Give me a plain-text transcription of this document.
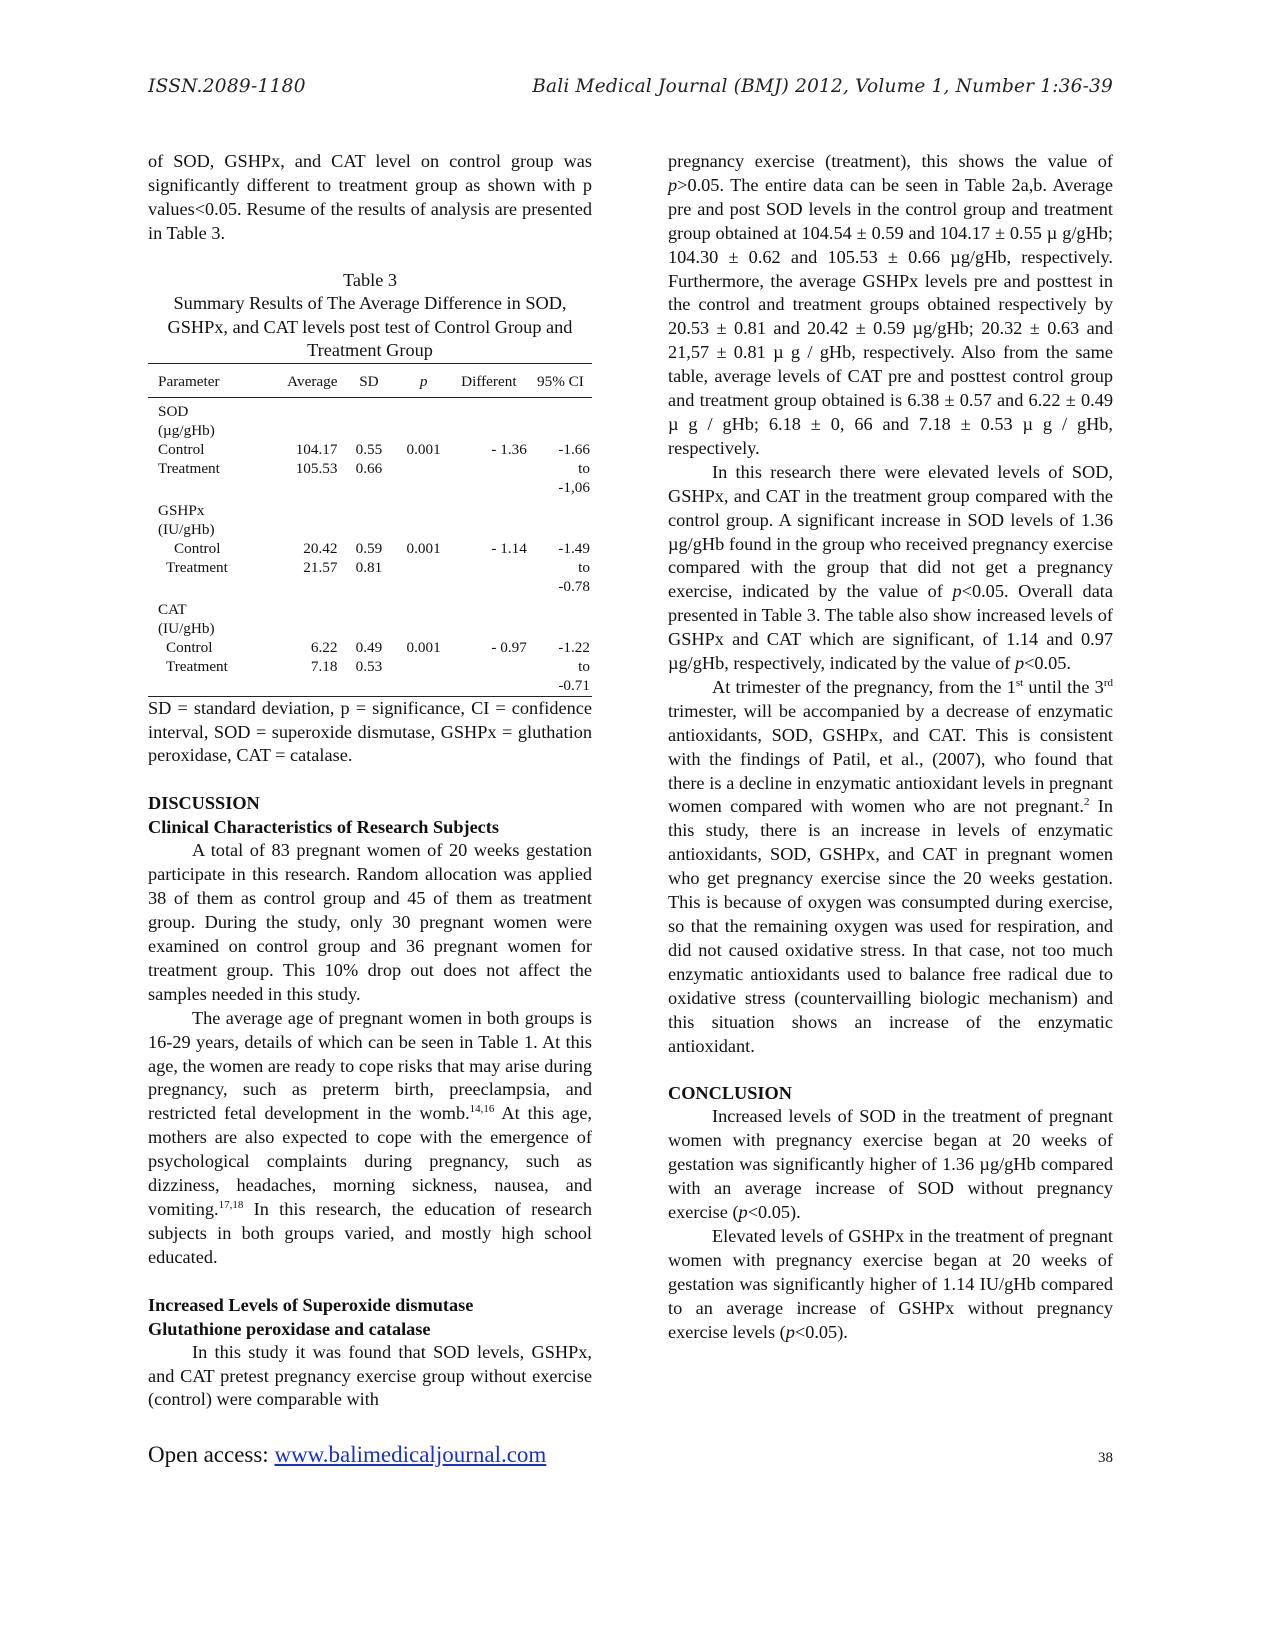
ISSN.2089-1180	Bali Medical Journal (BMJ) 2012, Volume 1, Number 1:36-39

of SOD, GSHPx, and CAT level on control group was significantly different to treatment group as shown with p values<0.05. Resume of the results of analysis are presented in Table 3.

Table 3

Summary Results of The Average Difference in SOD, GSHPx, and CAT levels post test of Control Group and Treatment Group

Parameter	Average	SD	p	Different	95% CI
SOD					
(µg/gHb)					
Control	104.17	0.55	0.001	- 1.36	-1.66
Treatment	105.53	0.66			to
					-1,06
GSHPx					
(IU/gHb)					
Control	20.42	0.59	0.001	- 1.14	-1.49
Treatment	21.57	0.81			to
					-0.78
CAT					
(IU/gHb)					
Control	6.22	0.49	0.001	- 0.97	-1.22
Treatment	7.18	0.53			to
					-0.71

SD = standard deviation, p = significance, CI = confidence interval, SOD = superoxide dismutase, GSHPx = gluthation peroxidase, CAT = catalase.

DISCUSSION
Clinical Characteristics of Research Subjects

A total of 83 pregnant women of 20 weeks gestation participate in this research. Random allocation was applied 38 of them as control group and 45 of them as treatment group. During the study, only 30 pregnant women were examined on control group and 36 pregnant women for treatment group. This 10% drop out does not affect the samples needed in this study.

The average age of pregnant women in both groups is 16-29 years, details of which can be seen in Table 1. At this age, the women are ready to cope risks that may arise during pregnancy, such as preterm birth, preeclampsia, and restricted fetal development in the womb.$^{14,16}$ At this age, mothers are also expected to cope with the emergence of psychological complaints during pregnancy, such as dizziness, headaches, morning sickness, nausea, and vomiting.$^{17,18}$ In this research, the education of research subjects in both groups varied, and mostly high school educated.

Increased Levels of Superoxide dismutase
Glutathione peroxidase and catalase

In this study it was found that SOD levels, GSHPx, and CAT pretest pregnancy exercise group without exercise (control) were comparable with

pregnancy exercise (treatment), this shows the value of p>0.05. The entire data can be seen in Table 2a,b. Average pre and post SOD levels in the control group and treatment group obtained at 104.54 ± 0.59 and 104.17 ± 0.55 µ g/gHb; 104.30 ± 0.62 and 105.53 ± 0.66 µg/gHb, respectively. Furthermore, the average GSHPx levels pre and posttest in the control and treatment groups obtained respectively by 20.53 ± 0.81 and 20.42 ± 0.59 µg/gHb; 20.32 ± 0.63 and 21,57 ± 0.81 µ g / gHb, respectively. Also from the same table, average levels of CAT pre and posttest control group and treatment group obtained is 6.38 ± 0.57 and 6.22 ± 0.49 µ g / gHb; 6.18 ± 0, 66 and 7.18 ± 0.53 µ g / gHb, respectively.

In this research there were elevated levels of SOD, GSHPx, and CAT in the treatment group compared with the control group. A significant increase in SOD levels of 1.36 µg/gHb found in the group who received pregnancy exercise compared with the group that did not get a pregnancy exercise, indicated by the value of p<0.05. Overall data presented in Table 3. The table also show increased levels of GSHPx and CAT which are significant, of 1.14 and 0.97 µg/gHb, respectively, indicated by the value of p<0.05.

At trimester of the pregnancy, from the 1st until the 3rd trimester, will be accompanied by a decrease of enzymatic antioxidants, SOD, GSHPx, and CAT. This is consistent with the findings of Patil, et al., (2007), who found that there is a decline in enzymatic antioxidant levels in pregnant women compared with women who are not pregnant.$^2$ In this study, there is an increase in levels of enzymatic antioxidants, SOD, GSHPx, and CAT in pregnant women who get pregnancy exercise since the 20 weeks gestation. This is because of oxygen was consumpted during exercise, so that the remaining oxygen was used for respiration, and did not caused oxidative stress. In that case, not too much enzymatic antioxidants used to balance free radical due to oxidative stress (countervailling biologic mechanism) and this situation shows an increase of the enzymatic antioxidant.

CONCLUSION

Increased levels of SOD in the treatment of pregnant women with pregnancy exercise began at 20 weeks of gestation was significantly higher of 1.36 µg/gHb compared with an average increase of SOD without pregnancy exercise (p<0.05).

Elevated levels of GSHPx in the treatment of pregnant women with pregnancy exercise began at 20 weeks of gestation was significantly higher of 1.14 IU/gHb compared to an average increase of GSHPx without pregnancy exercise levels (p<0.05).

Open access: www.balimedicaljournal.com	38
